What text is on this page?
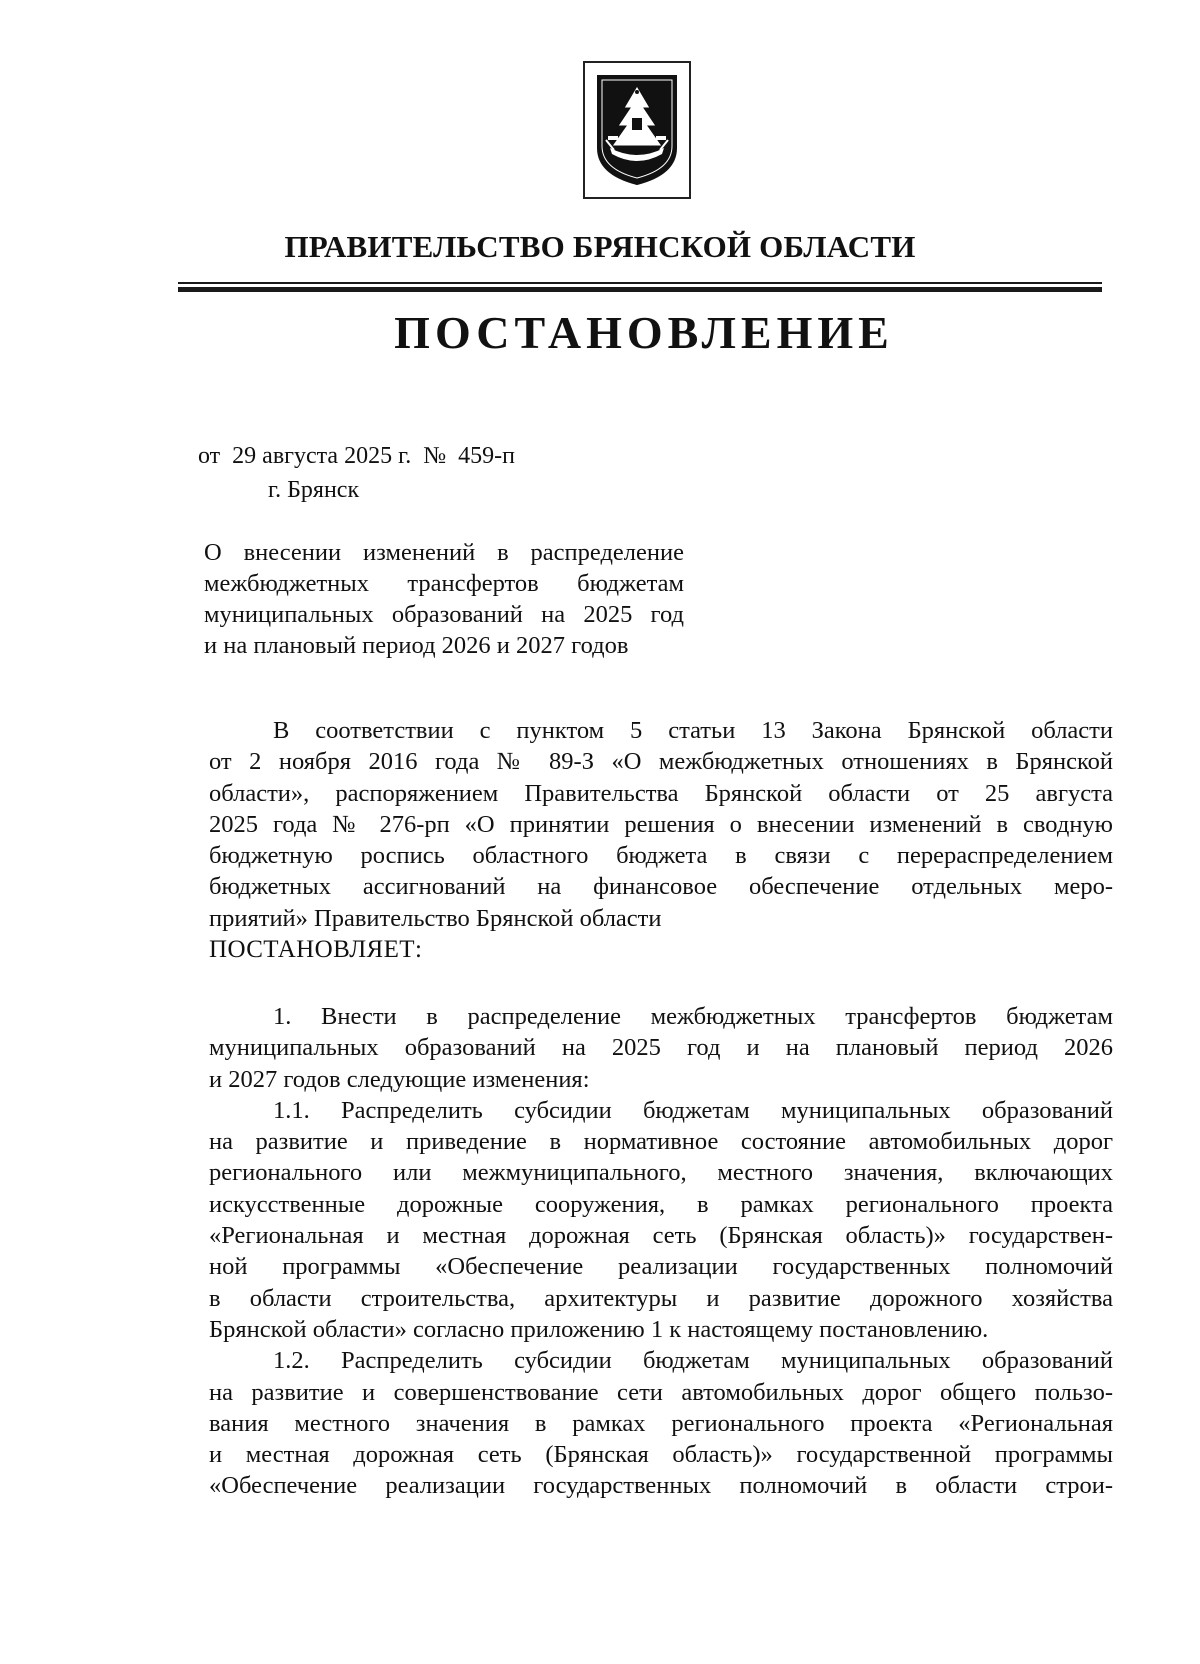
ПРАВИТЕЛЬСТВО БРЯНСКОЙ ОБЛАСТИ
ПОСТАНОВЛЕНИЕ
от  29 августа 2025 г.  №  459-п
г. Брянск
О внесении изменений в распределение
межбюджетных трансфертов бюджетам
муниципальных образований на 2025 год
и на плановый период 2026 и 2027 годов
В соответствии с пунктом 5 статьи 13 Закона Брянской области
от 2 ноября 2016 года № 89-З «О межбюджетных отношениях в Брянской
области», распоряжением Правительства Брянской области от 25 августа
2025 года № 276-рп «О принятии решения о внесении изменений в сводную
бюджетную роспись областного бюджета в связи с перераспределением
бюджетных ассигнований на финансовое обеспечение отдельных меро-
приятий» Правительство Брянской области
ПОСТАНОВЛЯЕТ:
1. Внести в распределение межбюджетных трансфертов бюджетам
муниципальных образований на 2025 год и на плановый период 2026
и 2027 годов следующие изменения:
1.1. Распределить субсидии бюджетам муниципальных образований
на развитие и приведение в нормативное состояние автомобильных дорог
регионального или межмуниципального, местного значения, включающих
искусственные дорожные сооружения, в рамках регионального проекта
«Региональная и местная дорожная сеть (Брянская область)» государствен-
ной программы «Обеспечение реализации государственных полномочий
в области строительства, архитектуры и развитие дорожного хозяйства
Брянской области» согласно приложению 1 к настоящему постановлению.
1.2. Распределить субсидии бюджетам муниципальных образований
на развитие и совершенствование сети автомобильных дорог общего пользо-
вания местного значения в рамках регионального проекта «Региональная
и местная дорожная сеть (Брянская область)» государственной программы
«Обеспечение реализации государственных полномочий в области строи-
